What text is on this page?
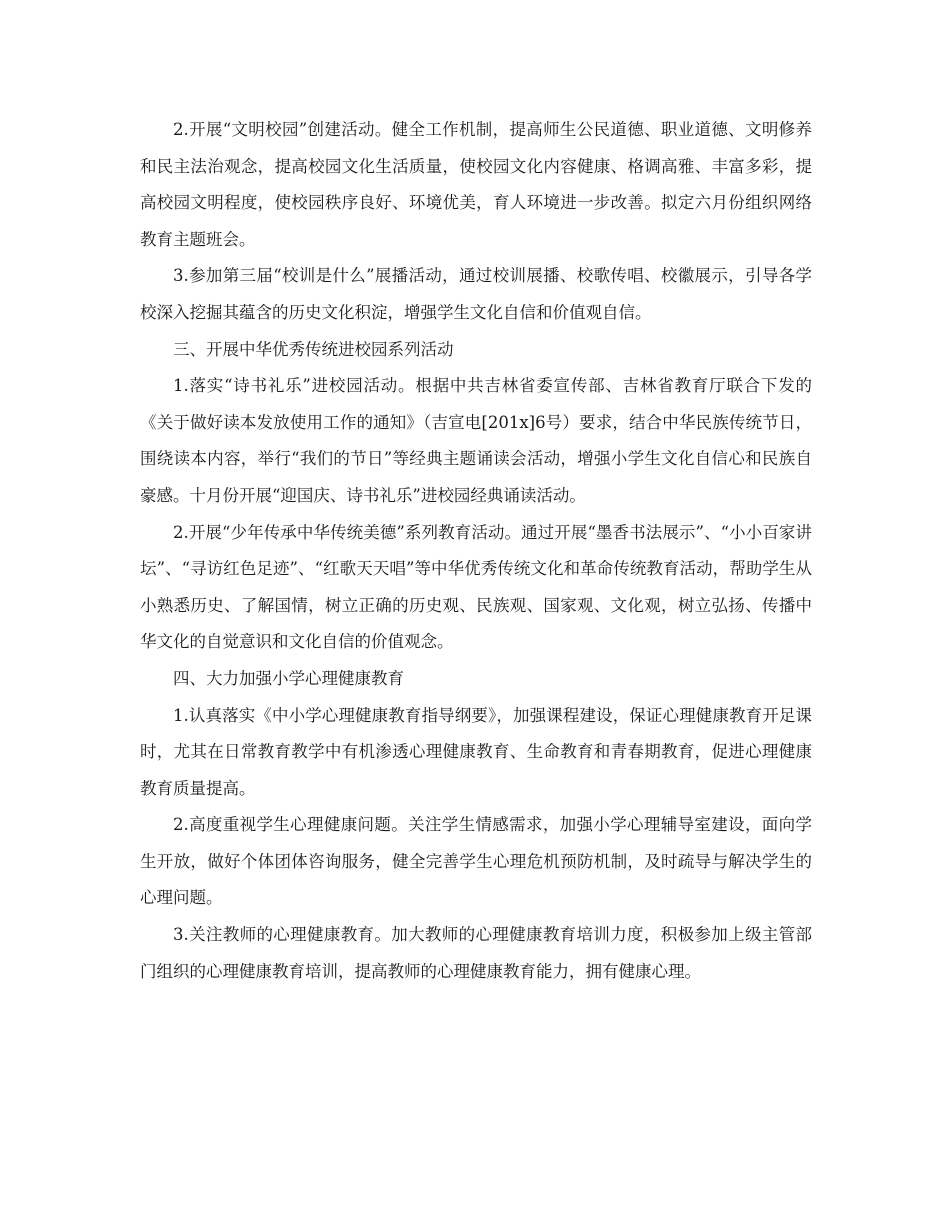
2.开展“文明校园”创建活动。健全工作机制，提高师生公民道德、职业道德、文明修养和民主法治观念，提高校园文化生活质量，使校园文化内容健康、格调高雅、丰富多彩，提高校园文明程度，使校园秩序良好、环境优美，育人环境进一步改善。拟定六月份组织网络教育主题班会。

3.参加第三届“校训是什么”展播活动，通过校训展播、校歌传唱、校徽展示，引导各学校深入挖掘其蕴含的历史文化积淀，增强学生文化自信和价值观自信。

三、开展中华优秀传统进校园系列活动

1.落实“诗书礼乐”进校园活动。根据中共吉林省委宣传部、吉林省教育厅联合下发的《关于做好读本发放使用工作的通知》（吉宣电[201x]6号）要求，结合中华民族传统节日，围绕读本内容，举行“我们的节日”等经典主题诵读会活动，增强小学生文化自信心和民族自豪感。十月份开展“迎国庆、诗书礼乐”进校园经典诵读活动。

2.开展“少年传承中华传统美德”系列教育活动。通过开展“墨香书法展示”、“小小百家讲坛”、“寻访红色足迹”、“红歌天天唱”等中华优秀传统文化和革命传统教育活动，帮助学生从小熟悉历史、了解国情，树立正确的历史观、民族观、国家观、文化观，树立弘扬、传播中华文化的自觉意识和文化自信的价值观念。

四、大力加强小学心理健康教育

1.认真落实《中小学心理健康教育指导纲要》，加强课程建设，保证心理健康教育开足课时，尤其在日常教育教学中有机渗透心理健康教育、生命教育和青春期教育，促进心理健康教育质量提高。

2.高度重视学生心理健康问题。关注学生情感需求，加强小学心理辅导室建设，面向学生开放，做好个体团体咨询服务，健全完善学生心理危机预防机制，及时疏导与解决学生的心理问题。

3.关注教师的心理健康教育。加大教师的心理健康教育培训力度，积极参加上级主管部门组织的心理健康教育培训，提高教师的心理健康教育能力，拥有健康心理。
